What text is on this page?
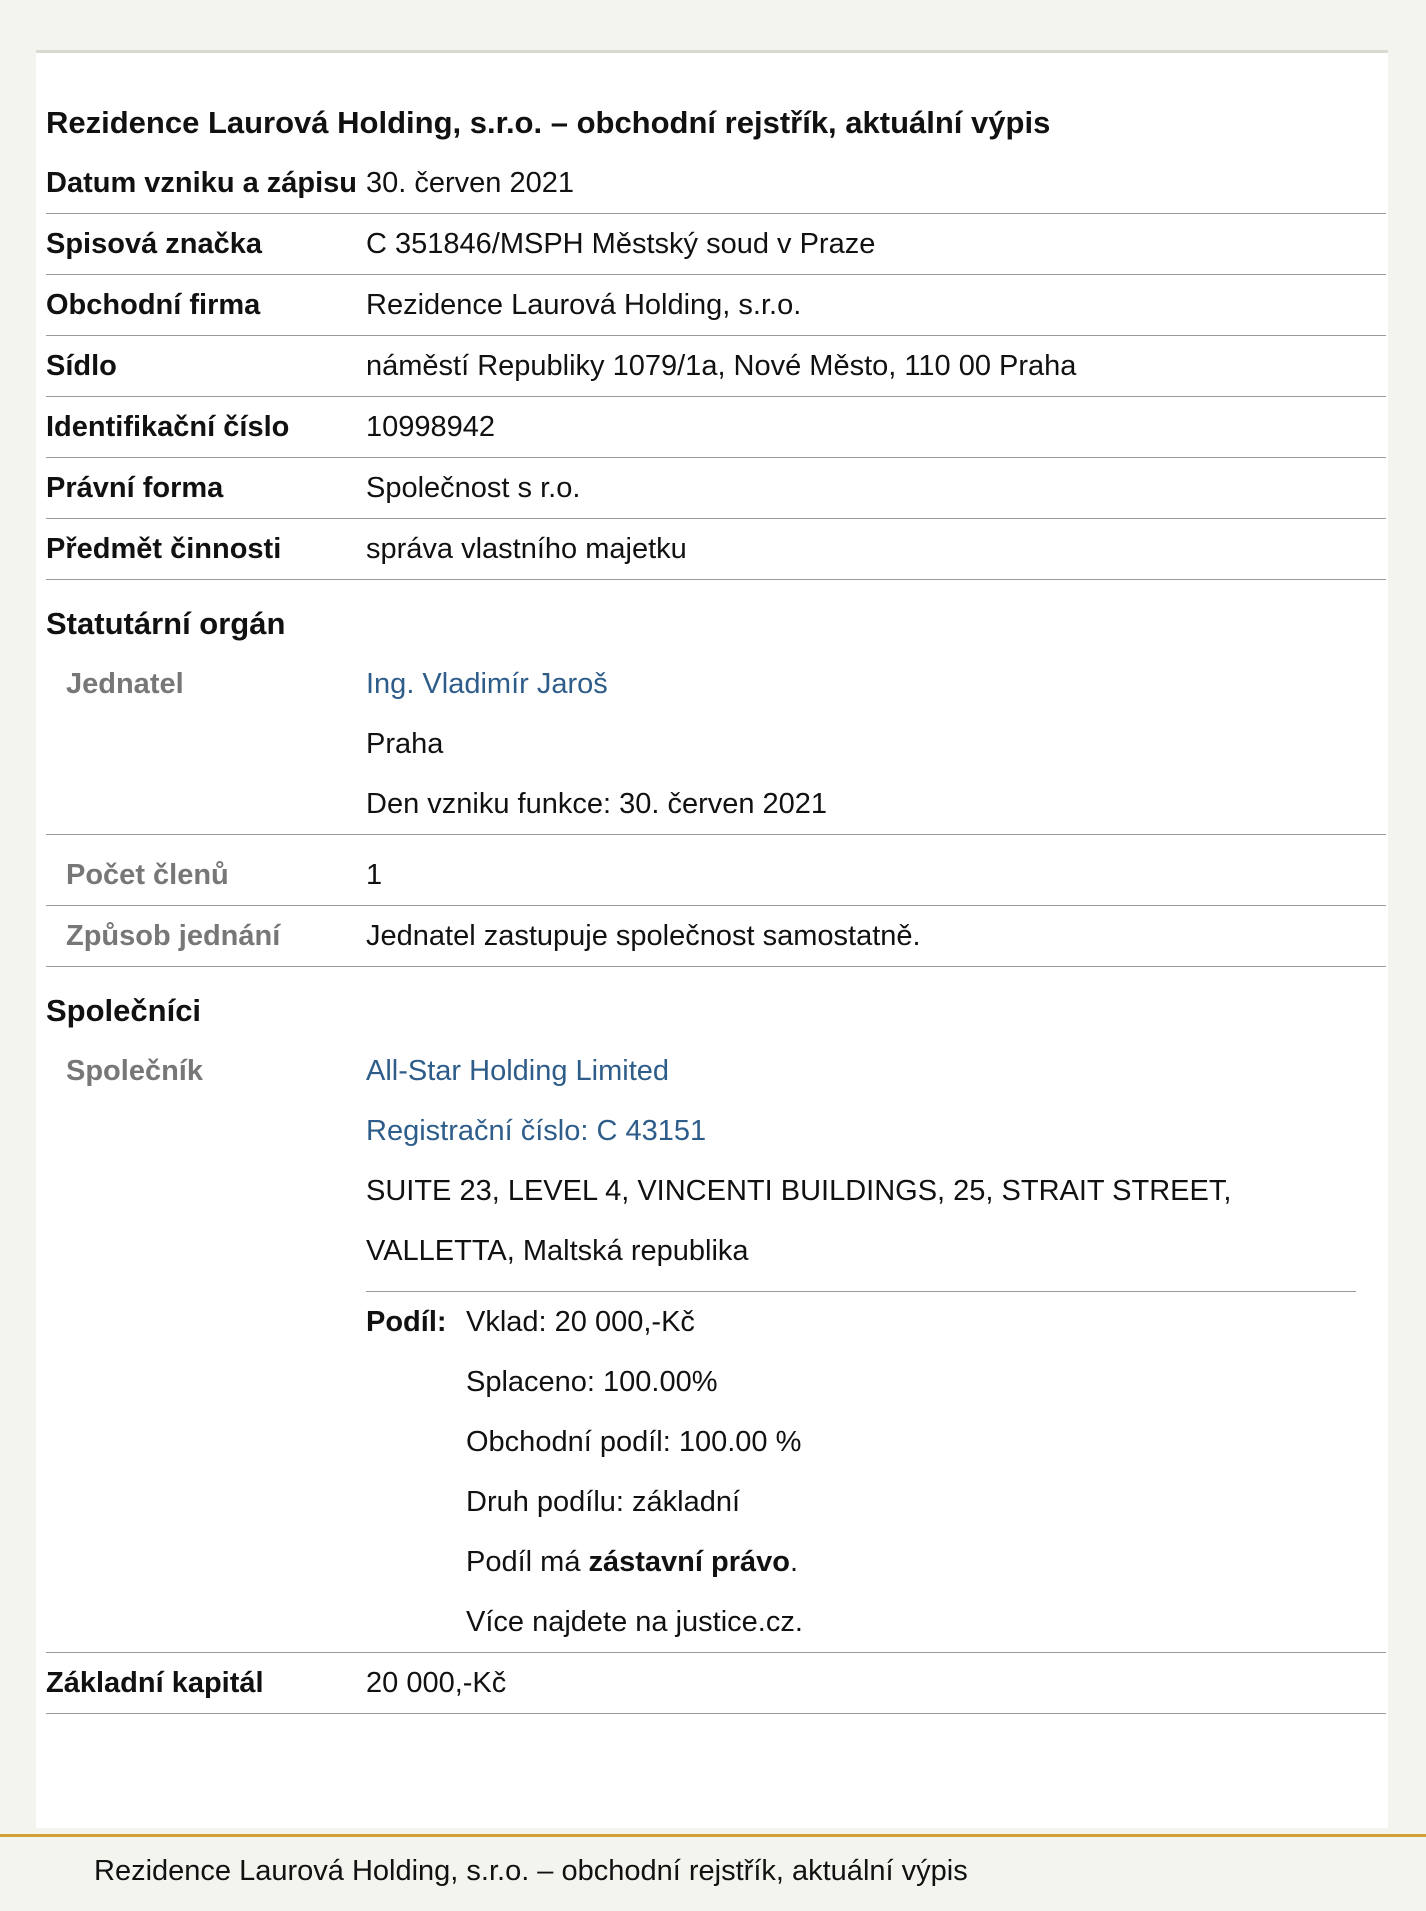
Rezidence Laurová Holding, s.r.o. – obchodní rejstřík, aktuální výpis
Datum vzniku a zápisu 30. červen 2021
Spisová značka	C 351846/MSPH Městský soud v Praze
Obchodní firma	Rezidence Laurová Holding, s.r.o.
Sídlo	náměstí Republiky 1079/1a, Nové Město, 110 00 Praha
Identifikační číslo	10998942
Právní forma	Společnost s r.o.
Předmět činnosti	správa vlastního majetku
Statutární orgán
Jednatel	Ing. Vladimír Jaroš
Praha
Den vzniku funkce: 30. červen 2021
Počet členů	1
Způsob jednání	Jednatel zastupuje společnost samostatně.
Společníci
Společník	All-Star Holding Limited
Registrační číslo: C 43151
SUITE 23, LEVEL 4, VINCENTI BUILDINGS, 25, STRAIT STREET,
VALLETTA, Maltská republika
Podíl: Vklad: 20 000,-Kč
Splaceno: 100.00%
Obchodní podíl: 100.00 %
Druh podílu: základní
Podíl má zástavní právo.
Více najdete na justice.cz.
Základní kapitál	20 000,-Kč
Rezidence Laurová Holding, s.r.o. – obchodní rejstřík, aktuální výpis
